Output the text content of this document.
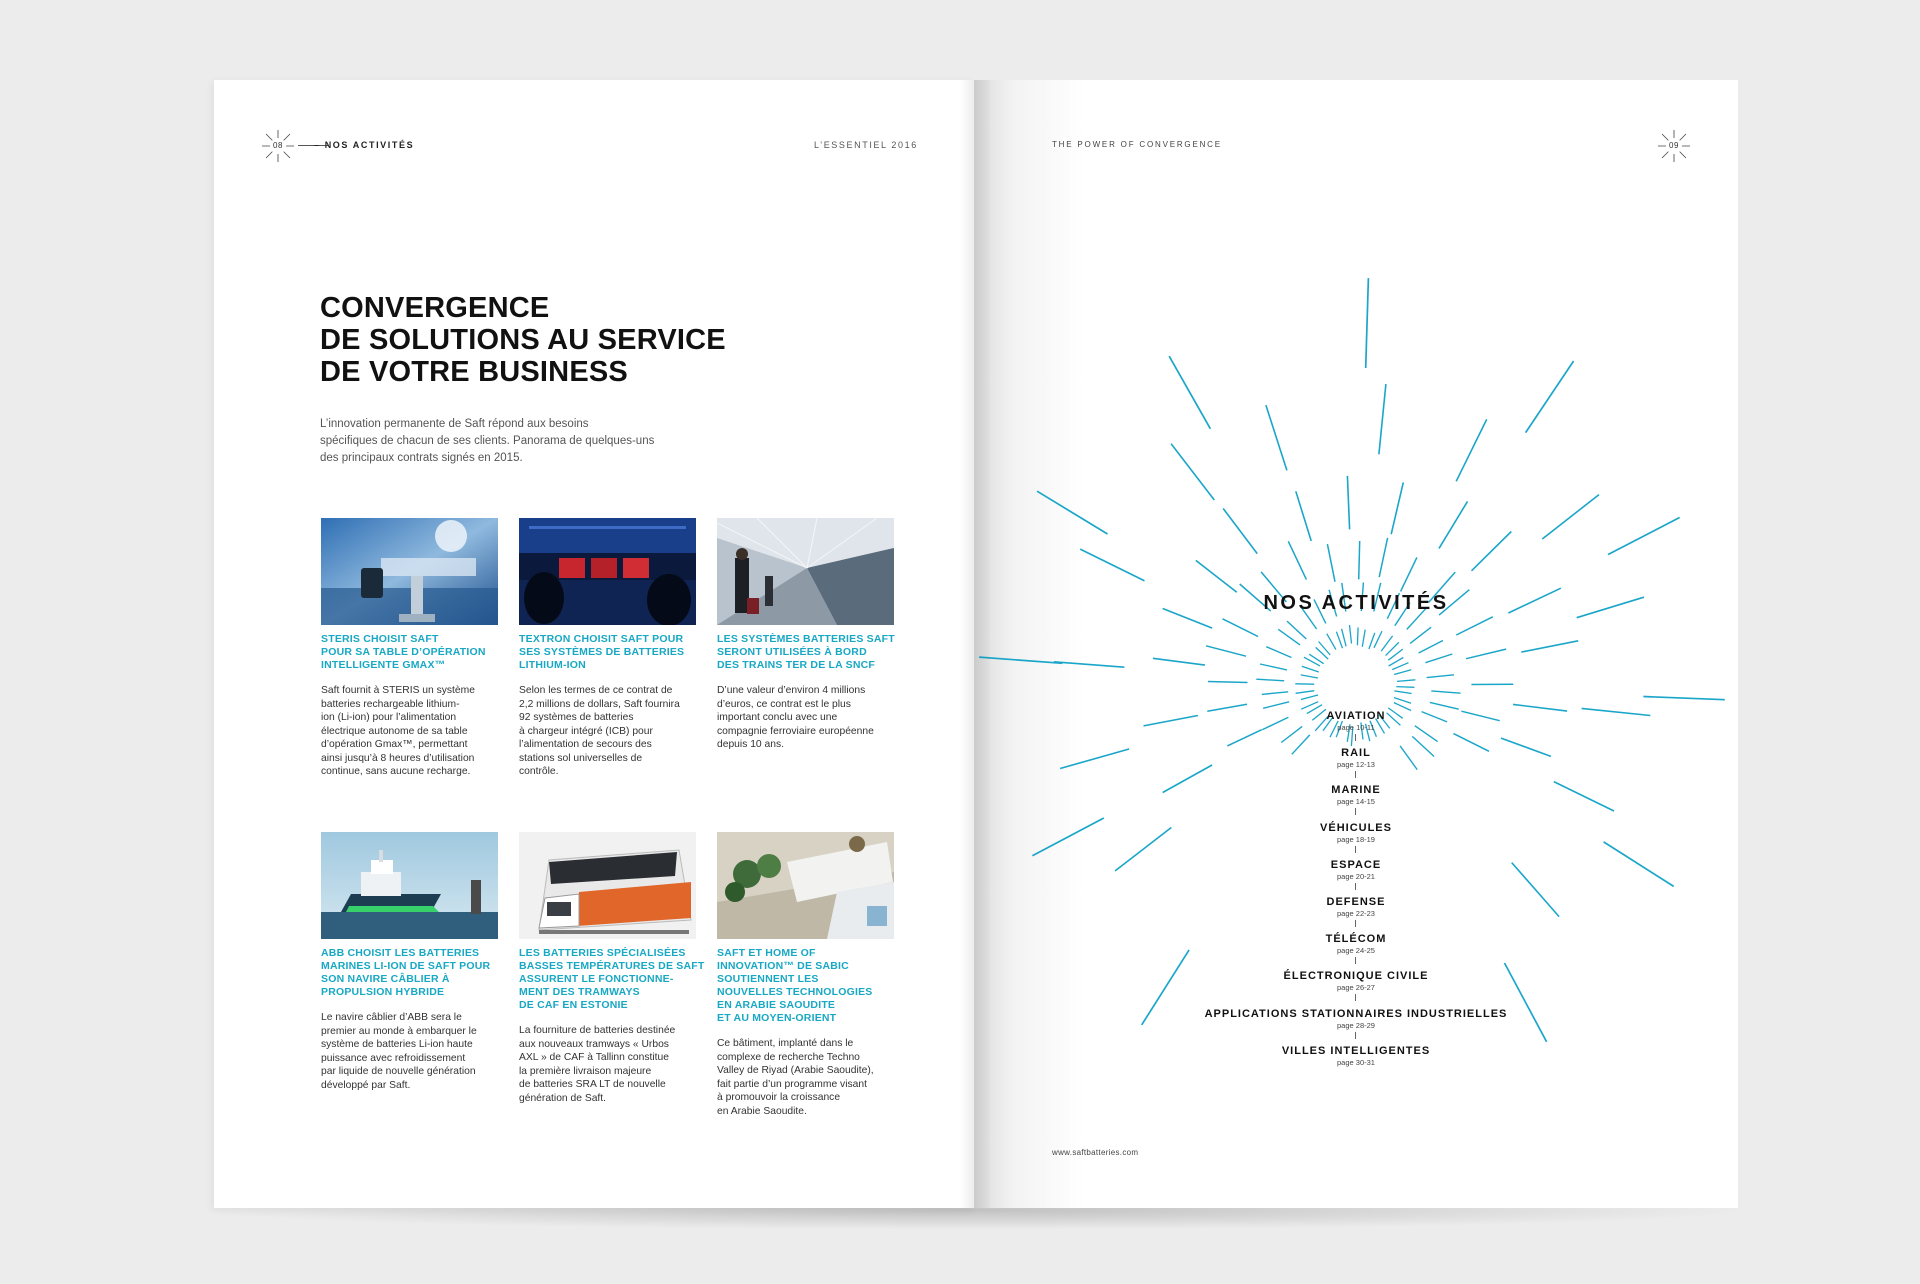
08	– NOS ACTIVITÉS	L’ESSENTIEL 2016
CONVERGENCE
DE SOLUTIONS AU SERVICE
DE VOTRE BUSINESS
L’innovation permanente de Saft répond aux besoins
spécifiques de chacun de ses clients. Panorama de quelques-uns
des principaux contrats signés en 2015.
STERIS CHOISIT SAFT
POUR SA TABLE D’OPÉRATION
INTELLIGENTE GMAX™
Saft fournit à STERIS un système
batteries rechargeable lithium-
ion (Li-ion) pour l’alimentation
électrique autonome de sa table
d’opération Gmax™, permettant
ainsi jusqu’à 8 heures d’utilisation
continue, sans aucune recharge.
TEXTRON CHOISIT SAFT POUR
SES SYSTÈMES DE BATTERIES
LITHIUM-ION
Selon les termes de ce contrat de
2,2 millions de dollars, Saft fournira
92 systèmes de batteries
à chargeur intégré (ICB) pour
l’alimentation de secours des
stations sol universelles de
contrôle.
LES SYSTÈMES BATTERIES SAFT
SERONT UTILISÉES À BORD
DES TRAINS TER DE LA SNCF
D’une valeur d’environ 4 millions
d’euros, ce contrat est le plus
important conclu avec une
compagnie ferroviaire européenne
depuis 10 ans.
ABB CHOISIT LES BATTERIES
MARINES LI-ION DE SAFT POUR
SON NAVIRE CÂBLIER À
PROPULSION HYBRIDE
Le navire câblier d’ABB sera le
premier au monde à embarquer le
système de batteries Li-ion haute
puissance avec refroidissement
par liquide de nouvelle génération
développé par Saft.
LES BATTERIES SPÉCIALISÉES
BASSES TEMPÉRATURES DE SAFT
ASSURENT LE FONCTIONNE-
MENT DES TRAMWAYS
DE CAF EN ESTONIE
La fourniture de batteries destinée
aux nouveaux tramways « Urbos
AXL » de CAF à Tallinn constitue
la première livraison majeure
de batteries SRA LT de nouvelle
génération de Saft.
SAFT ET HOME OF
INNOVATION™ DE SABIC
SOUTIENNENT LES
NOUVELLES TECHNOLOGIES
EN ARABIE SAOUDITE
ET AU MOYEN-ORIENT
Ce bâtiment, implanté dans le
complexe de recherche Techno
Valley de Riyad (Arabie Saoudite),
fait partie d’un programme visant
à promouvoir la croissance
en Arabie Saoudite.
THE POWER OF CONVERGENCE	09
NOS ACTIVITÉS
AVIATION
page 10-11
RAIL
page 12-13
MARINE
page 14-15
VÉHICULES
page 18-19
ESPACE
page 20-21
DEFENSE
page 22-23
TÉLÉCOM
page 24-25
ÉLECTRONIQUE CIVILE
page 26-27
APPLICATIONS STATIONNAIRES INDUSTRIELLES
page 28-29
VILLES INTELLIGENTES
page 30-31
www.saftbatteries.com
